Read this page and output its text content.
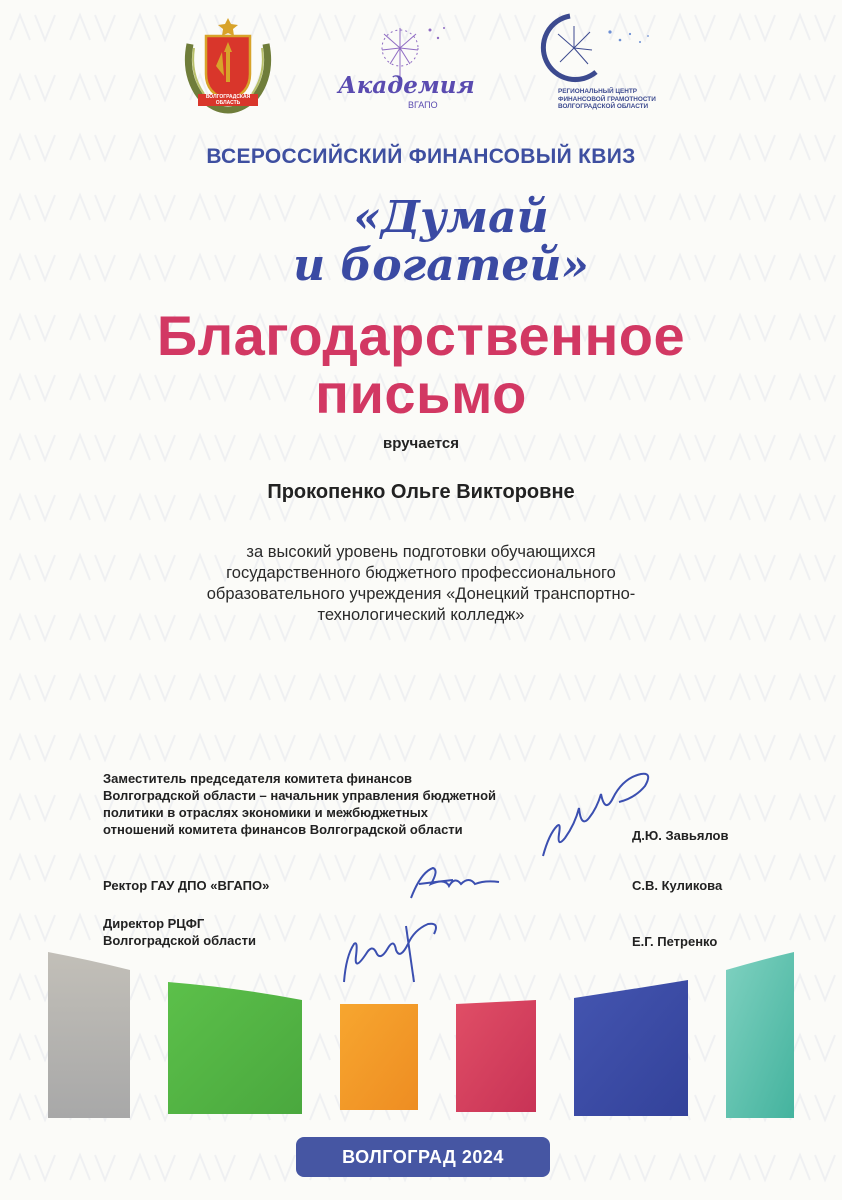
ВОЛГОГРАДСКАЯ
ОБЛАСТЬ
Академия
ВГАПО
РЕГИОНАЛЬНЫЙ ЦЕНТР
ФИНАНСОВОЙ ГРАМОТНОСТИ
ВОЛГОГРАДСКОЙ ОБЛАСТИ
ВСЕРОССИЙСКИЙ ФИНАНСОВЫЙ КВИЗ
«Думай
и богатей»
Благодарственное
письмо
вручается
Прокопенко Ольге Викторовне
за высокий уровень подготовки обучающихся
государственного бюджетного профессионального
образовательного учреждения «Донецкий транспортно-
технологический колледж»
Заместитель председателя комитета финансов
Волгоградской области – начальник управления бюджетной
политики в отраслях экономики и межбюджетных
отношений комитета финансов Волгоградской области	Д.Ю. Завьялов
Ректор ГАУ ДПО «ВГАПО»	С.В. Куликова
Директор РЦФГ
Волгоградской области	Е.Г. Петренко
ВОЛГОГРАД 2024
